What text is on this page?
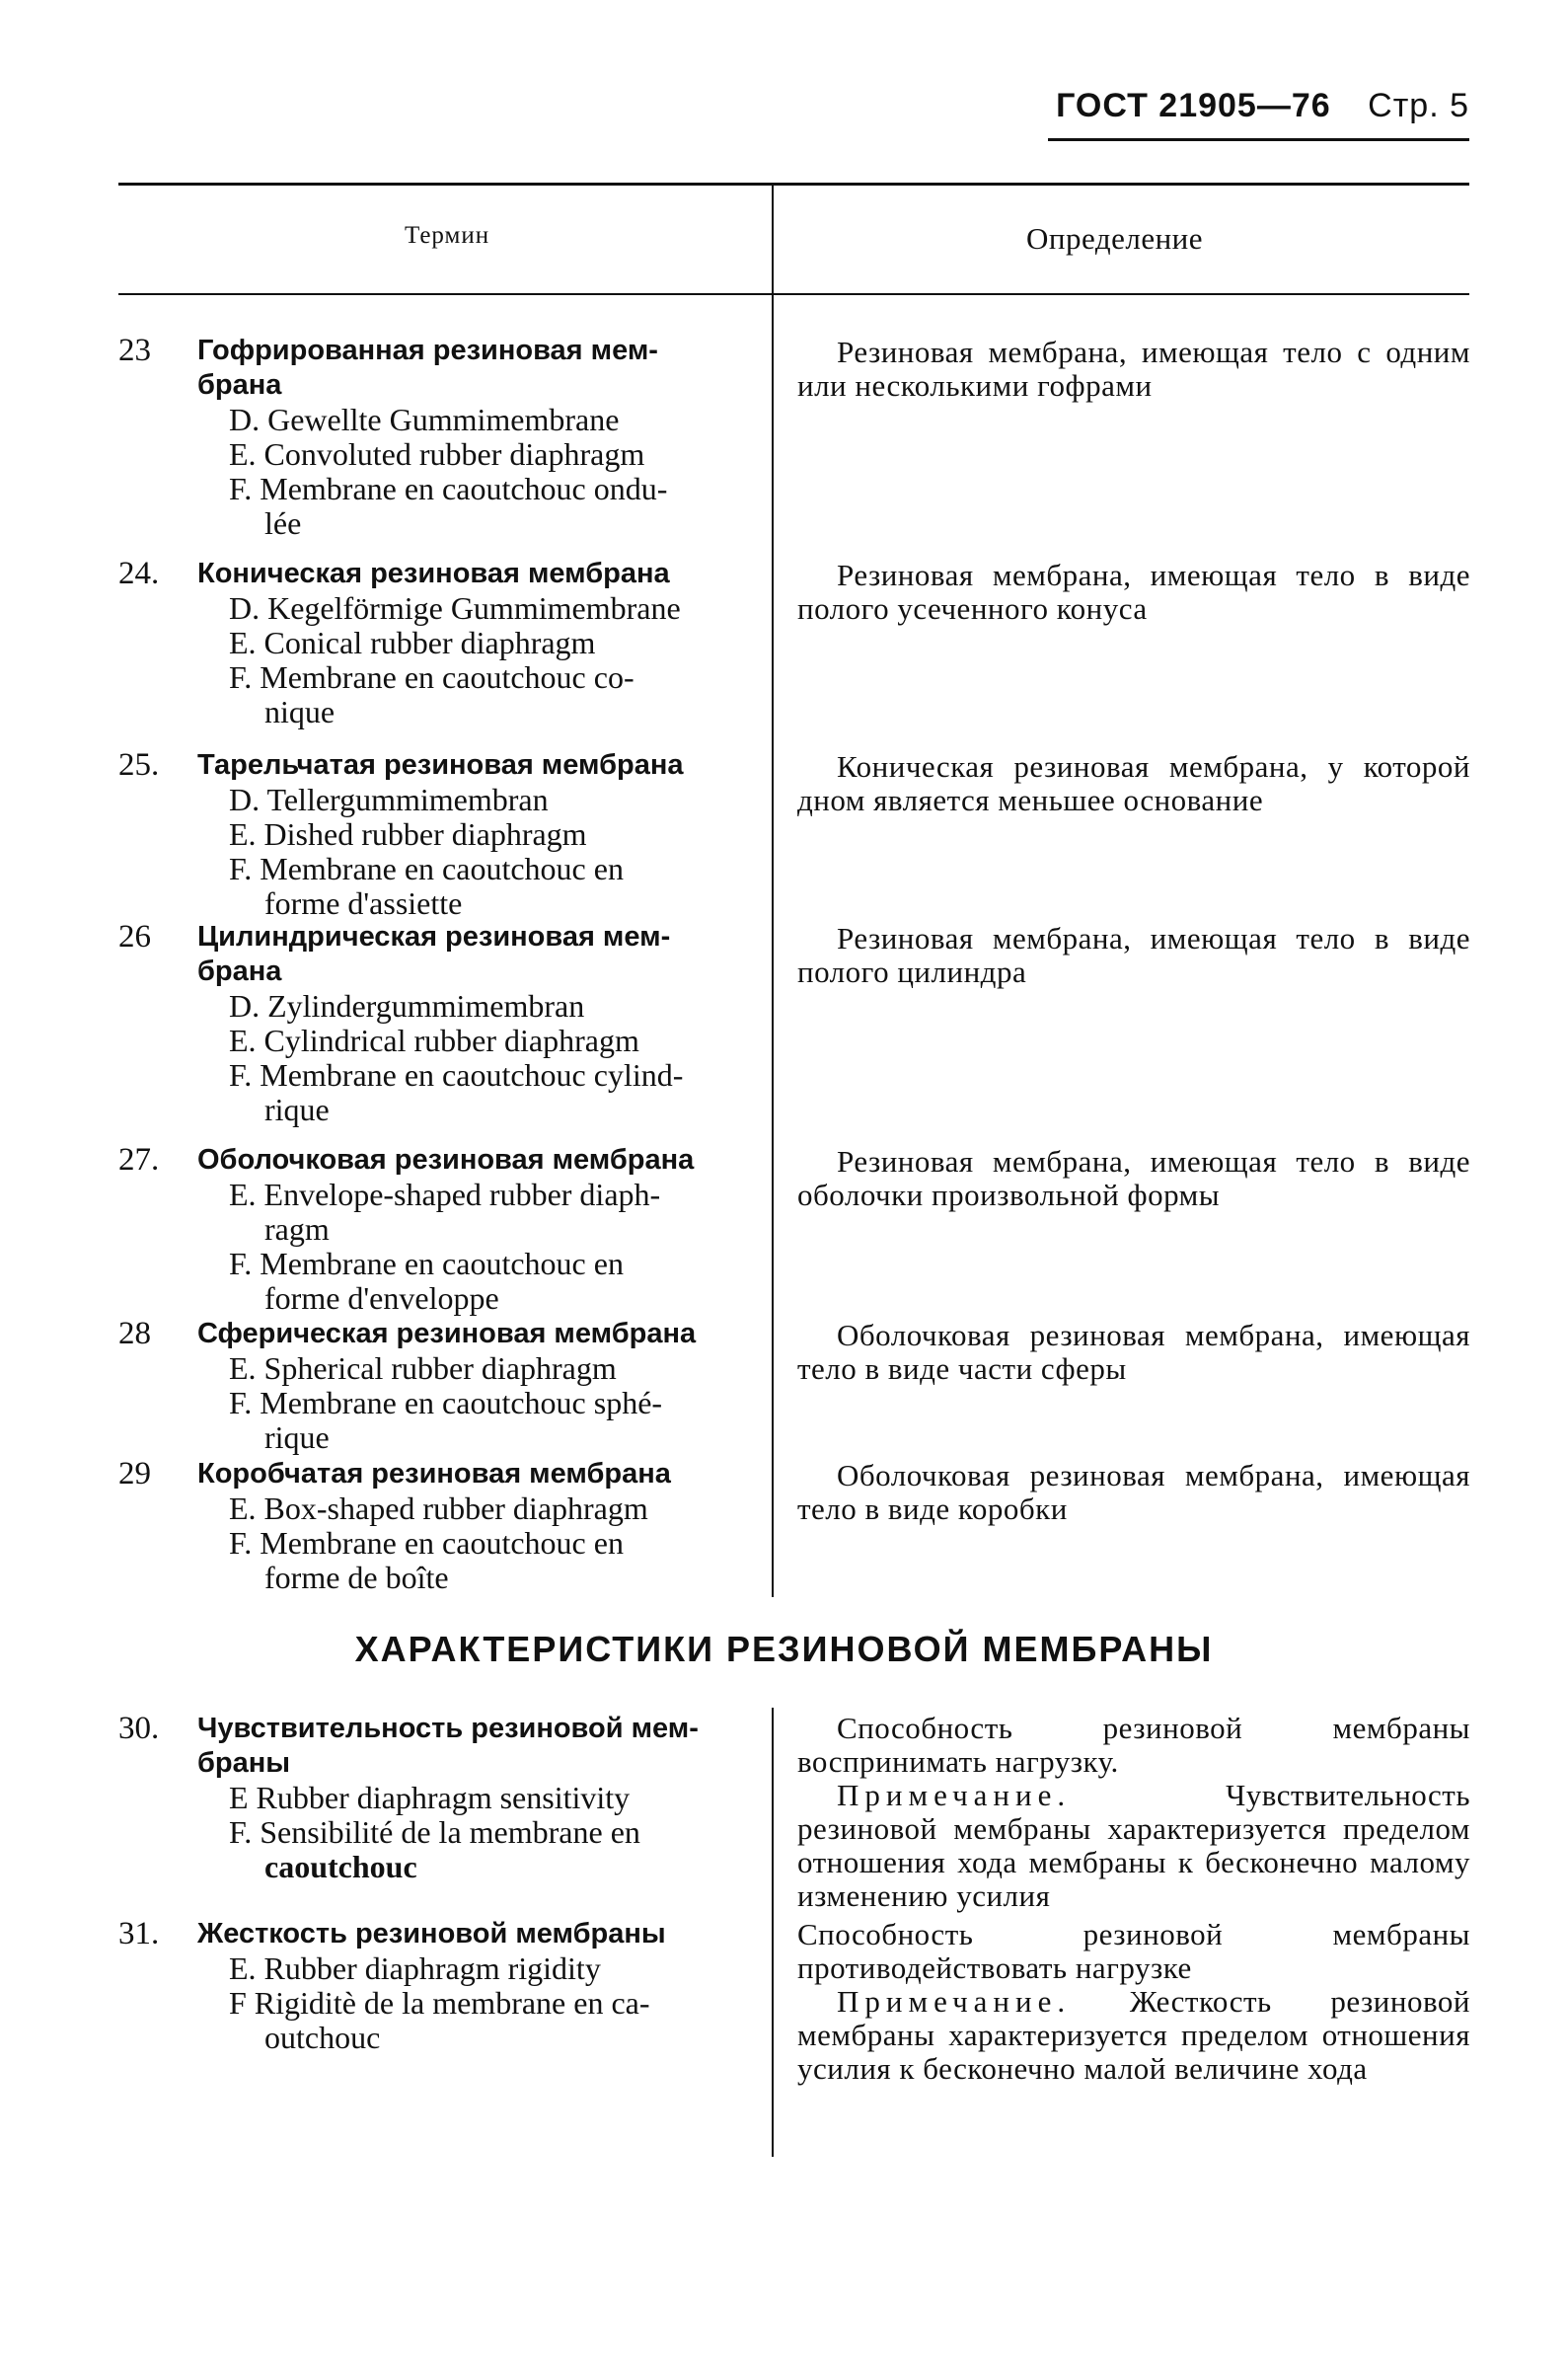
ГОСТ 21905—76 Стр. 5
Термин	Определение
23 Гофрированная резиновая мем-
брана
D. Gewellte Gummimembrane
E. Convoluted rubber diaphragm
F. Membrane en caoutchouc ondu-
lée
Резиновая мембрана, имеющая тело с одним или несколькими гофрами
24. Коническая резиновая мембрана
D. Kegelförmige Gummimembrane
E. Conical rubber diaphragm
F. Membrane en caoutchouc co-
nique
Резиновая мембрана, имеющая тело в виде полого усеченного конуса
25. Тарельчатая резиновая мембрана
D. Tellergummimembran
E. Dished rubber diaphragm
F. Membrane en caoutchouc en
forme d'assiette
Коническая резиновая мембрана, у которой дном является меньшее основание
26 Цилиндрическая резиновая мем-
брана
D. Zylindergummimembran
E. Cylindrical rubber diaphragm
F. Membrane en caoutchouc cylind-
rique
Резиновая мембрана, имеющая тело в виде полого цилиндра
27. Оболочковая резиновая мембрана
E. Envelope-shaped rubber diaph-
ragm
F. Membrane en caoutchouc en
forme d'enveloppe
Резиновая мембрана, имеющая тело в виде оболочки произвольной формы
28 Сферическая резиновая мембрана
E. Spherical rubber diaphragm
F. Membrane en caoutchouc sphé-
rique
Оболочковая резиновая мембрана, имеющая тело в виде части сферы
29 Коробчатая резиновая мембрана
E. Box-shaped rubber diaphragm
F. Membrane en caoutchouc en
forme de boîte
Оболочковая резиновая мембрана, имеющая тело в виде коробки
ХАРАКТЕРИСТИКИ РЕЗИНОВОЙ МЕМБРАНЫ
30. Чувствительность резиновой мем-
браны
E Rubber diaphragm sensitivity
F. Sensibilité de la membrane en
caoutchouc
Способность резиновой мембраны воспринимать нагрузку.
Примечание.	Чувствительность резиновой мембраны характеризуется пределом отношения хода мембраны к бесконечно малому изменению усилия
31. Жесткость резиновой мембраны
E. Rubber diaphragm rigidity
F Rigiditè de la membrane en ca-
outchouc
Способность резиновой мембраны противодействовать нагрузке
Примечание. Жесткость резиновой мембраны характеризуется пределом отношения усилия к бесконечно малой величине хода
